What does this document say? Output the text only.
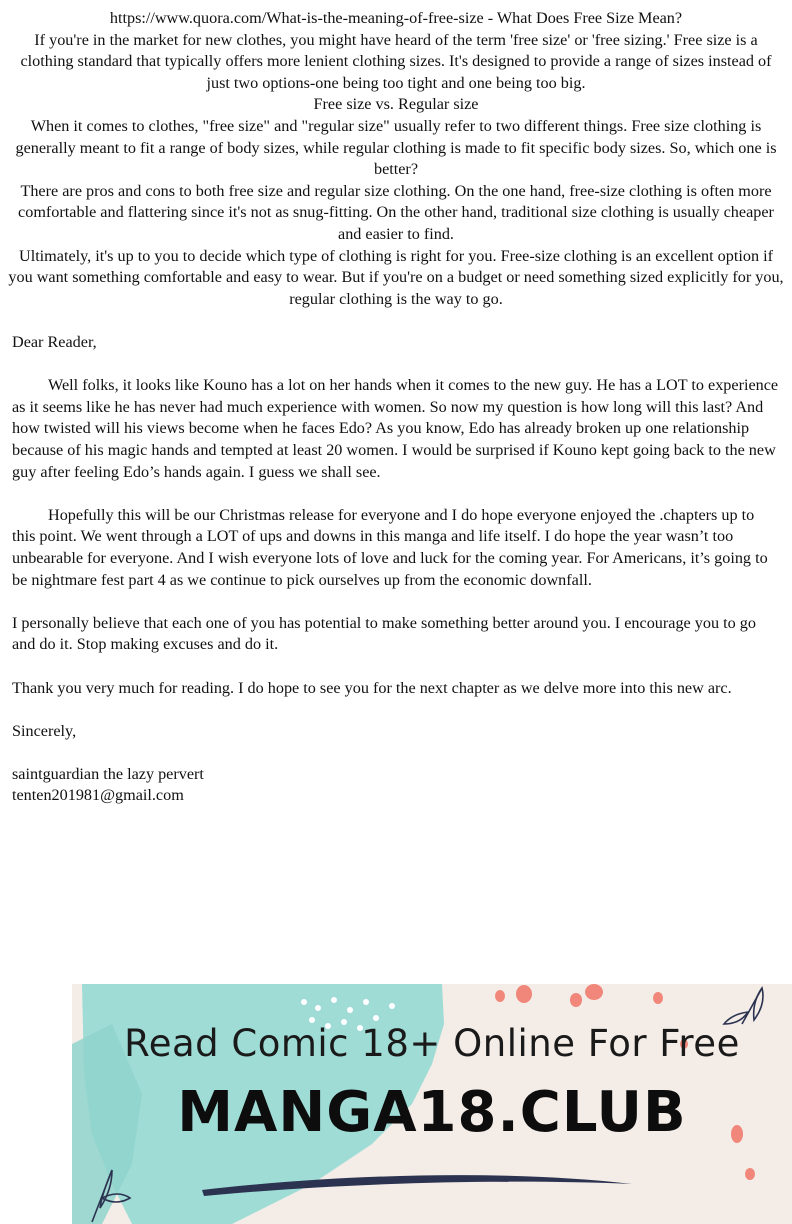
https://www.quora.com/What-is-the-meaning-of-free-size - What Does Free Size Mean?

If you're in the market for new clothes, you might have heard of the term 'free size' or 'free sizing.' Free size is a clothing standard that typically offers more lenient clothing sizes. It's designed to provide a range of sizes instead of just two options-one being too tight and one being too big.

Free size vs. Regular size

When it comes to clothes, "free size" and "regular size" usually refer to two different things. Free size clothing is generally meant to fit a range of body sizes, while regular clothing is made to fit specific body sizes. So, which one is better?

There are pros and cons to both free size and regular size clothing. On the one hand, free-size clothing is often more comfortable and flattering since it's not as snug-fitting. On the other hand, traditional size clothing is usually cheaper and easier to find.

Ultimately, it's up to you to decide which type of clothing is right for you. Free-size clothing is an excellent option if you want something comfortable and easy to wear. But if you're on a budget or need something sized explicitly for you, regular clothing is the way to go.

Dear Reader,

Well folks, it looks like Kouno has a lot on her hands when it comes to the new guy. He has a LOT to experience as it seems like he has never had much experience with women. So now my question is how long will this last? And how twisted will his views become when he faces Edo? As you know, Edo has already broken up one relationship because of his magic hands and tempted at least 20 women. I would be surprised if Kouno kept going back to the new guy after feeling Edo’s hands again. I guess we shall see.

Hopefully this will be our Christmas release for everyone and I do hope everyone enjoyed the .chapters up to this point. We went through a LOT of ups and downs in this manga and life itself. I do hope the year wasn’t too unbearable for everyone. And I wish everyone lots of love and luck for the coming year. For Americans, it’s going to be nightmare fest part 4 as we continue to pick ourselves up from the economic downfall.

I personally believe that each one of you has potential to make something better around you. I encourage you to go and do it. Stop making excuses and do it.

Thank you very much for reading. I do hope to see you for the next chapter as we delve more into this new arc.

Sincerely,

saintguardian the lazy pervert

tenten201981@gmail.com

Read Comic 18+ Online For Free
MANGA18.CLUB
